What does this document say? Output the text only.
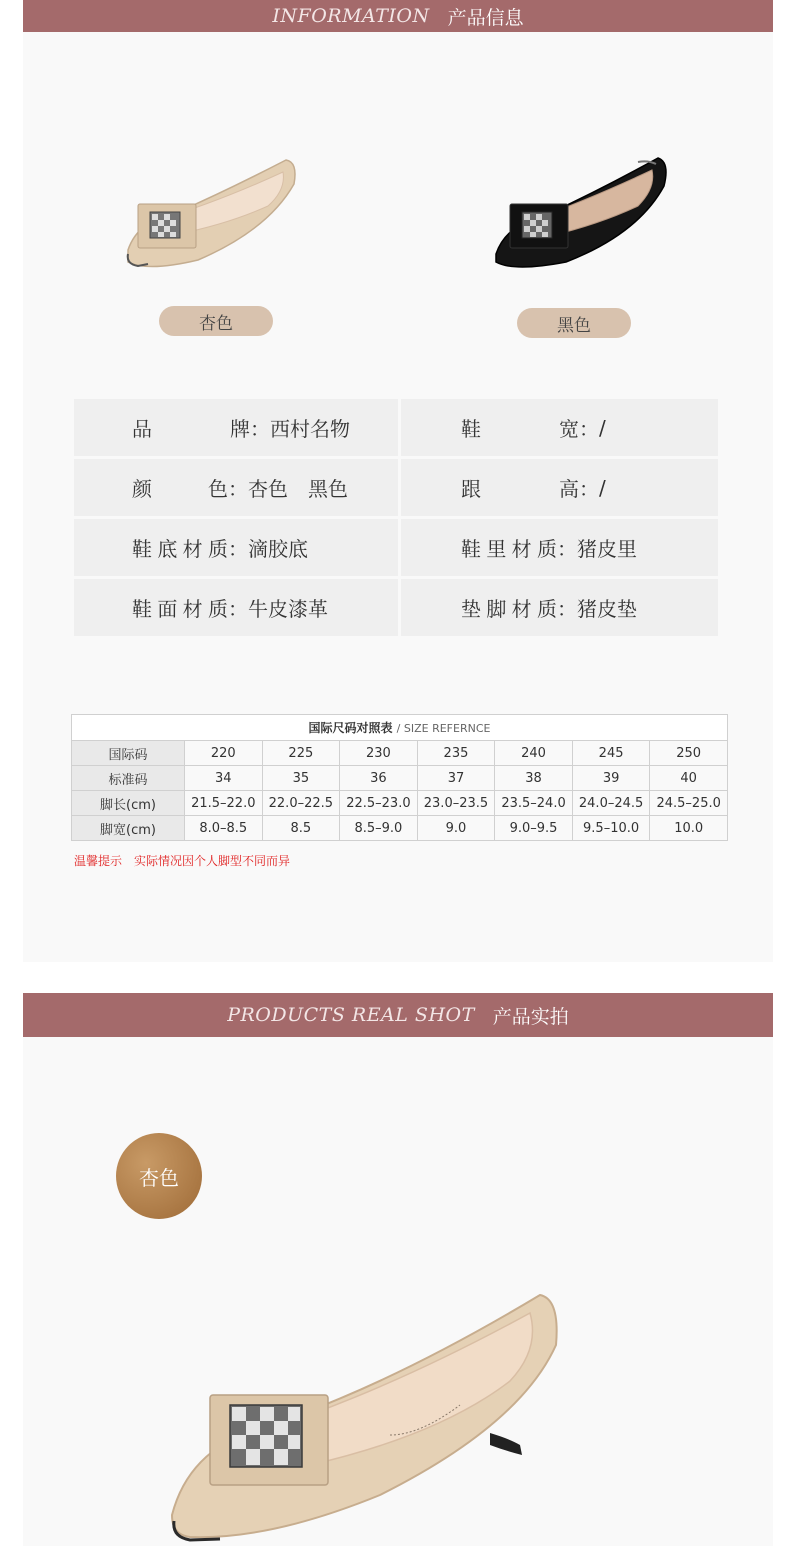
INFORMATION 产品信息
杏色	黑色
品牌 ： 西村名物	鞋宽 ： /
颜色 ： 杏色　黑色	跟高 ： /
鞋底材质 ： 滴胶底	鞋里材质 ： 猪皮里
鞋面材质 ： 牛皮漆革	垫脚材质 ： 猪皮垫
国际尺码对照表 / SIZE REFERNCE							
国际码	220	225	230	235	240	245	250
标准码	34	35	36	37	38	39	40
脚长(cm)	21.5–22.0	22.0–22.5	22.5–23.0	23.0–23.5	23.5–24.0	24.0–24.5	24.5–25.0
脚宽(cm)	8.0–8.5	8.5	8.5–9.0	9.0	9.0–9.5	9.5–10.0	10.0
温馨提示 实际情况因个人脚型不同而异
PRODUCTS REAL SHOT 产品实拍
杏色
